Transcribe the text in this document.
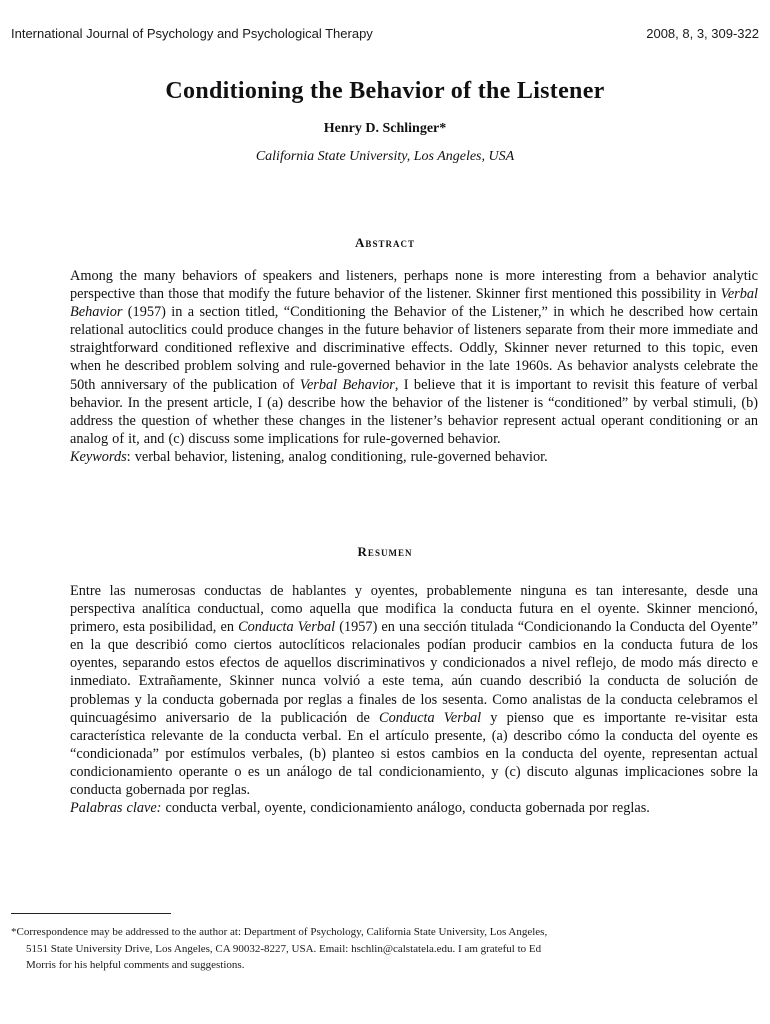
International Journal of Psychology and Psychological Therapy	2008, 8, 3, 309-322
Conditioning the Behavior of the Listener
Henry D. Schlinger*
California State University, Los Angeles, USA
Abstract
Among the many behaviors of speakers and listeners, perhaps none is more interesting from a behavior analytic perspective than those that modify the future behavior of the listener. Skinner first mentioned this possibility in Verbal Behavior (1957) in a section titled, “Conditioning the Behavior of the Listener,” in which he described how certain relational autoclitics could produce changes in the future behavior of listeners separate from their more immediate and straightforward conditioned reflexive and discriminative effects. Oddly, Skinner never returned to this topic, even when he described problem solving and rule-governed behavior in the late 1960s. As behavior analysts celebrate the 50th anniversary of the publication of Verbal Behavior, I believe that it is important to revisit this feature of verbal behavior. In the present article, I (a) describe how the behavior of the listener is “conditioned” by verbal stimuli, (b) address the question of whether these changes in the listener’s behavior represent actual operant conditioning or an analog of it, and (c) discuss some implications for rule-governed behavior.
Keywords: verbal behavior, listening, analog conditioning, rule-governed behavior.
Resumen
Entre las numerosas conductas de hablantes y oyentes, probablemente ninguna es tan interesante, desde una perspectiva analítica conductual, como aquella que modifica la conducta futura en el oyente. Skinner mencionó, primero, esta posibilidad, en Conducta Verbal (1957) en una sección titulada “Condicionando la Conducta del Oyente” en la que describió como ciertos autoclíticos relacionales podían producir cambios en la conducta futura de los oyentes, separando estos efectos de aquellos discriminativos y condicionados a nivel reflejo, de modo más directo e inmediato. Extrañamente, Skinner nunca volvió a este tema, aún cuando describió la conducta de solución de problemas y la conducta gobernada por reglas a finales de los sesenta. Como analistas de la conducta celebramos el quincuagésimo aniversario de la publicación de Conducta Verbal y pienso que es importante re-visitar esta característica relevante de la conducta verbal. En el artículo presente, (a) describo cómo la conducta del oyente es “condicionada” por estímulos verbales, (b) planteo si estos cambios en la conducta del oyente, representan actual condicionamiento operante o es un análogo de tal condicionamiento, y (c) discuto algunas implicaciones sobre la conducta gobernada por reglas.
Palabras clave: conducta verbal, oyente, condicionamiento análogo, conducta gobernada por reglas.
*Correspondence may be addressed to the author at: Department of Psychology, California State University, Los Angeles,
5151 State University Drive, Los Angeles, CA 90032-8227, USA. Email: hschlin@calstatela.edu. I am grateful to Ed
Morris for his helpful comments and suggestions.
